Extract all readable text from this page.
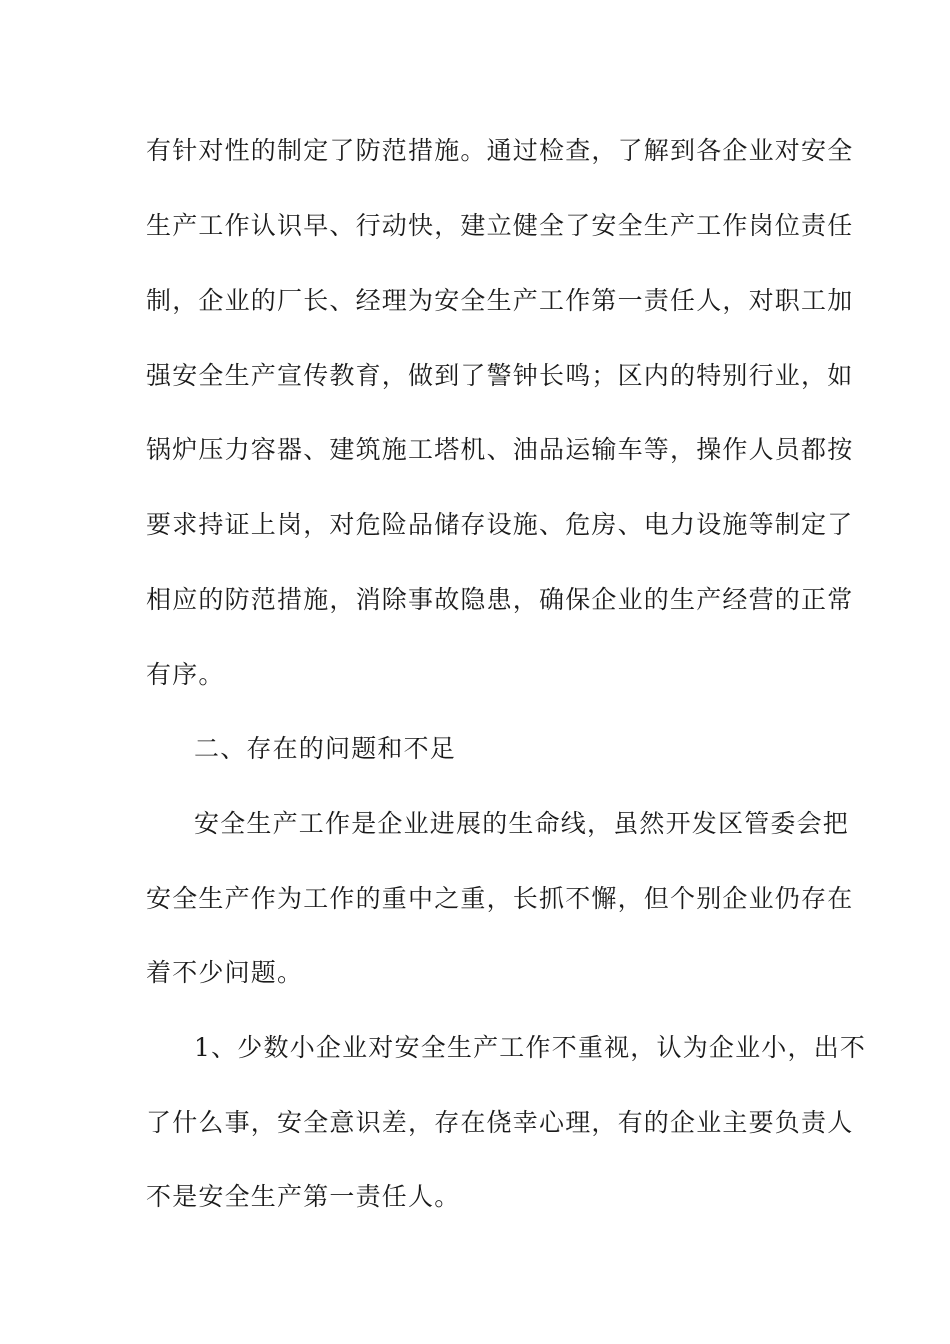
有针对性的制定了防范措施。通过检查，了解到各企业对安全
生产工作认识早、行动快，建立健全了安全生产工作岗位责任
制，企业的厂长、经理为安全生产工作第一责任人，对职工加
强安全生产宣传教育，做到了警钟长鸣；区内的特别行业，如
锅炉压力容器、建筑施工塔机、油品运输车等，操作人员都按
要求持证上岗，对危险品储存设施、危房、电力设施等制定了
相应的防范措施，消除事故隐患，确保企业的生产经营的正常
有序。
二、存在的问题和不足
安全生产工作是企业进展的生命线，虽然开发区管委会把
安全生产作为工作的重中之重，长抓不懈，但个别企业仍存在
着不少问题。
1、少数小企业对安全生产工作不重视，认为企业小，出不
了什么事，安全意识差，存在侥幸心理，有的企业主要负责人
不是安全生产第一责任人。
